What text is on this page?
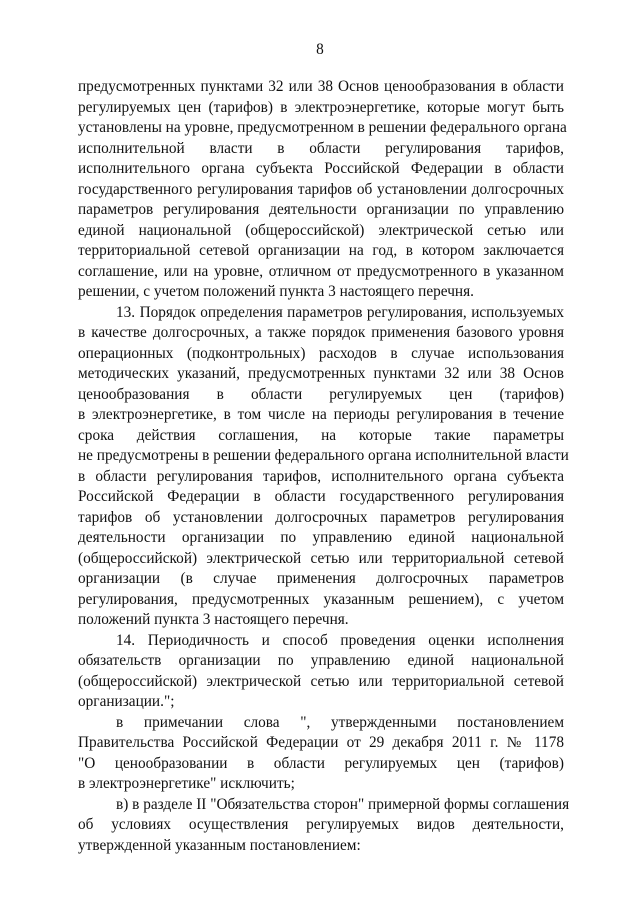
8
предусмотренных пунктами 32 или 38 Основ ценообразования в области
регулируемых цен (тарифов) в электроэнергетике, которые могут быть
установлены на уровне, предусмотренном в решении федерального органа
исполнительной власти в области регулирования тарифов,
исполнительного органа субъекта Российской Федерации в области
государственного регулирования тарифов об установлении долгосрочных
параметров регулирования деятельности организации по управлению
единой национальной (общероссийской) электрической сетью или
территориальной сетевой организации на год, в котором заключается
соглашение, или на уровне, отличном от предусмотренного в указанном
решении, с учетом положений пункта 3 настоящего перечня.
13. Порядок определения параметров регулирования, используемых
в качестве долгосрочных, а также порядок применения базового уровня
операционных (подконтрольных) расходов в случае использования
методических указаний, предусмотренных пунктами 32 или 38 Основ
ценообразования в области регулируемых цен (тарифов)
в электроэнергетике, в том числе на периоды регулирования в течение
срока действия соглашения, на которые такие параметры
не предусмотрены в решении федерального органа исполнительной власти
в области регулирования тарифов, исполнительного органа субъекта
Российской Федерации в области государственного регулирования
тарифов об установлении долгосрочных параметров регулирования
деятельности организации по управлению единой национальной
(общероссийской) электрической сетью или территориальной сетевой
организации (в случае применения долгосрочных параметров
регулирования, предусмотренных указанным решением), с учетом
положений пункта 3 настоящего перечня.
14. Периодичность и способ проведения оценки исполнения
обязательств организации по управлению единой национальной
(общероссийской) электрической сетью или территориальной сетевой
организации.";
в примечании слова ", утвержденными постановлением
Правительства Российской Федерации от 29 декабря 2011 г. № 1178
"О ценообразовании в области регулируемых цен (тарифов)
в электроэнергетике" исключить;
в) в разделе II "Обязательства сторон" примерной формы соглашения
об условиях осуществления регулируемых видов деятельности,
утвержденной указанным постановлением:
